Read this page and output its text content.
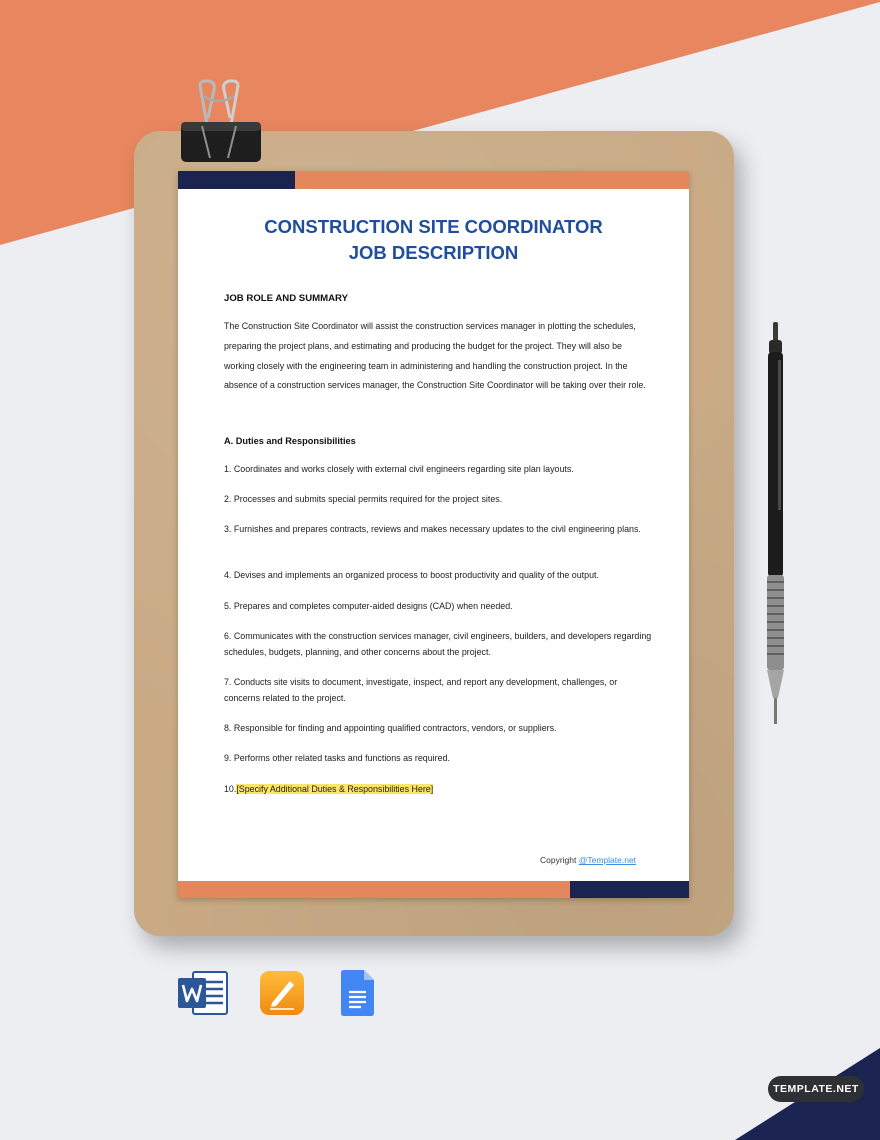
CONSTRUCTION SITE COORDINATOR
JOB DESCRIPTION
JOB ROLE AND SUMMARY

The Construction Site Coordinator will assist the construction services manager in plotting the schedules, preparing the project plans, and estimating and producing the budget for the project. They will also be working closely with the engineering team in administering and handling the construction project. In the absence of a construction services manager, the Construction Site Coordinator will be taking over their role.

A. Duties and Responsibilities
1. Coordinates and works closely with external civil engineers regarding site plan layouts.
2. Processes and submits special permits required for the project sites.
3. Furnishes and prepares contracts, reviews and makes necessary updates to the civil engineering plans.
4. Devises and implements an organized process to boost productivity and quality of the output.
5. Prepares and completes computer-aided designs (CAD) when needed.
6. Communicates with the construction services manager, civil engineers, builders, and developers regarding schedules, budgets, planning, and other concerns about the project.
7. Conducts site visits to document, investigate, inspect, and report any development, challenges, or concerns related to the project.
8. Responsible for finding and appointing qualified contractors, vendors, or suppliers.
9. Performs other related tasks and functions as required.
10.[Specify Additional Duties & Responsibilities Here]
Copyright @Template.net
TEMPLATE.NET
